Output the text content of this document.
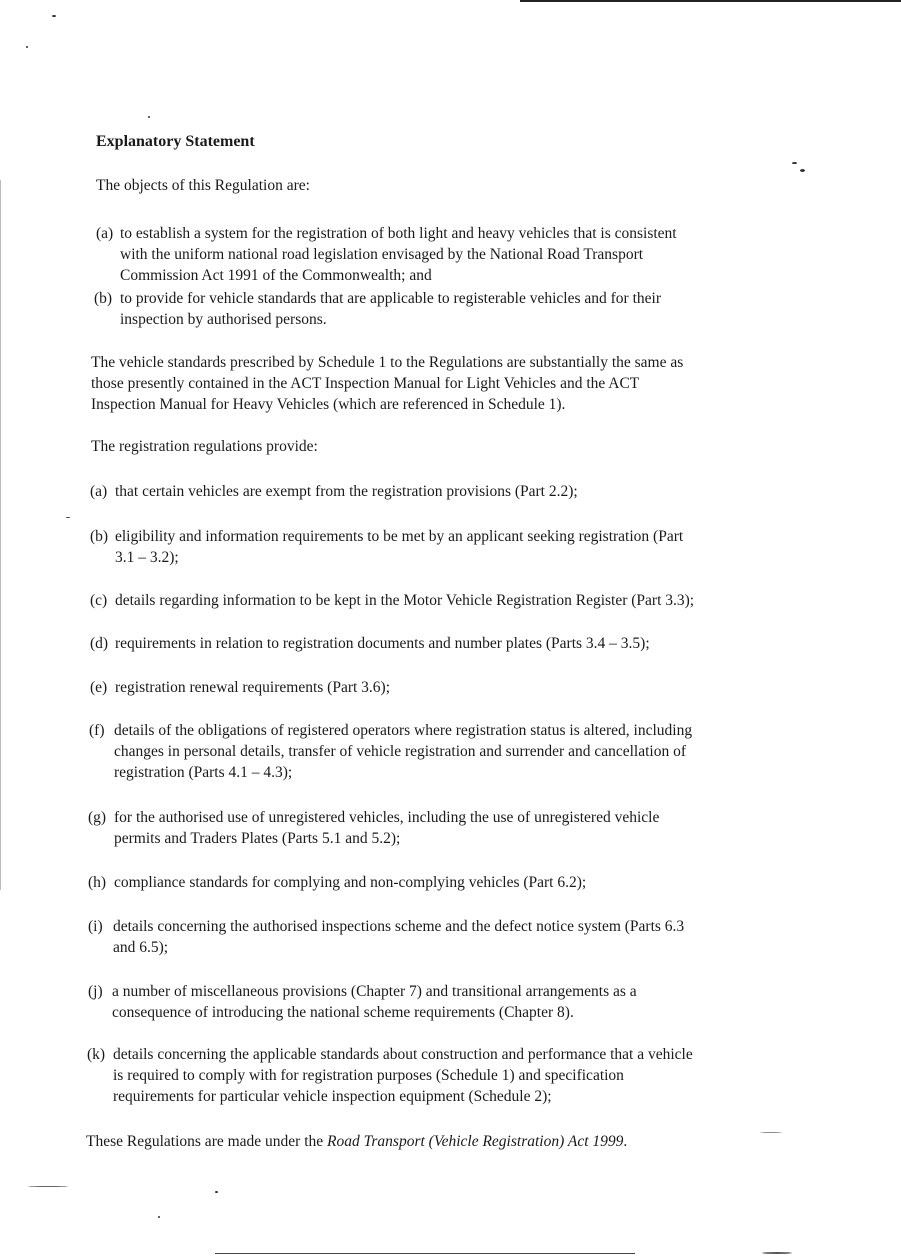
Explanatory Statement
The objects of this Regulation are:
(a) to establish a system for the registration of both light and heavy vehicles that is consistent
with the uniform national road legislation envisaged by the National Road Transport
Commission Act 1991 of the Commonwealth; and
(b) to provide for vehicle standards that are applicable to registerable vehicles and for their
inspection by authorised persons.
The vehicle standards prescribed by Schedule 1 to the Regulations are substantially the same as
those presently contained in the ACT Inspection Manual for Light Vehicles and the ACT
Inspection Manual for Heavy Vehicles (which are referenced in Schedule 1).
The registration regulations provide:
(a) that certain vehicles are exempt from the registration provisions (Part 2.2);
(b) eligibility and information requirements to be met by an applicant seeking registration (Part
3.1 – 3.2);
(c) details regarding information to be kept in the Motor Vehicle Registration Register (Part 3.3);
(d) requirements in relation to registration documents and number plates (Parts 3.4 – 3.5);
(e) registration renewal requirements (Part 3.6);
(f) details of the obligations of registered operators where registration status is altered, including
changes in personal details, transfer of vehicle registration and surrender and cancellation of
registration (Parts 4.1 – 4.3);
(g) for the authorised use of unregistered vehicles, including the use of unregistered vehicle
permits and Traders Plates (Parts 5.1 and 5.2);
(h) compliance standards for complying and non-complying vehicles (Part 6.2);
(i) details concerning the authorised inspections scheme and the defect notice system (Parts 6.3
and 6.5);
(j) a number of miscellaneous provisions (Chapter 7) and transitional arrangements as a
consequence of introducing the national scheme requirements (Chapter 8).
(k) details concerning the applicable standards about construction and performance that a vehicle
is required to comply with for registration purposes (Schedule 1) and specification
requirements for particular vehicle inspection equipment (Schedule 2);
These Regulations are made under the Road Transport (Vehicle Registration) Act 1999.
